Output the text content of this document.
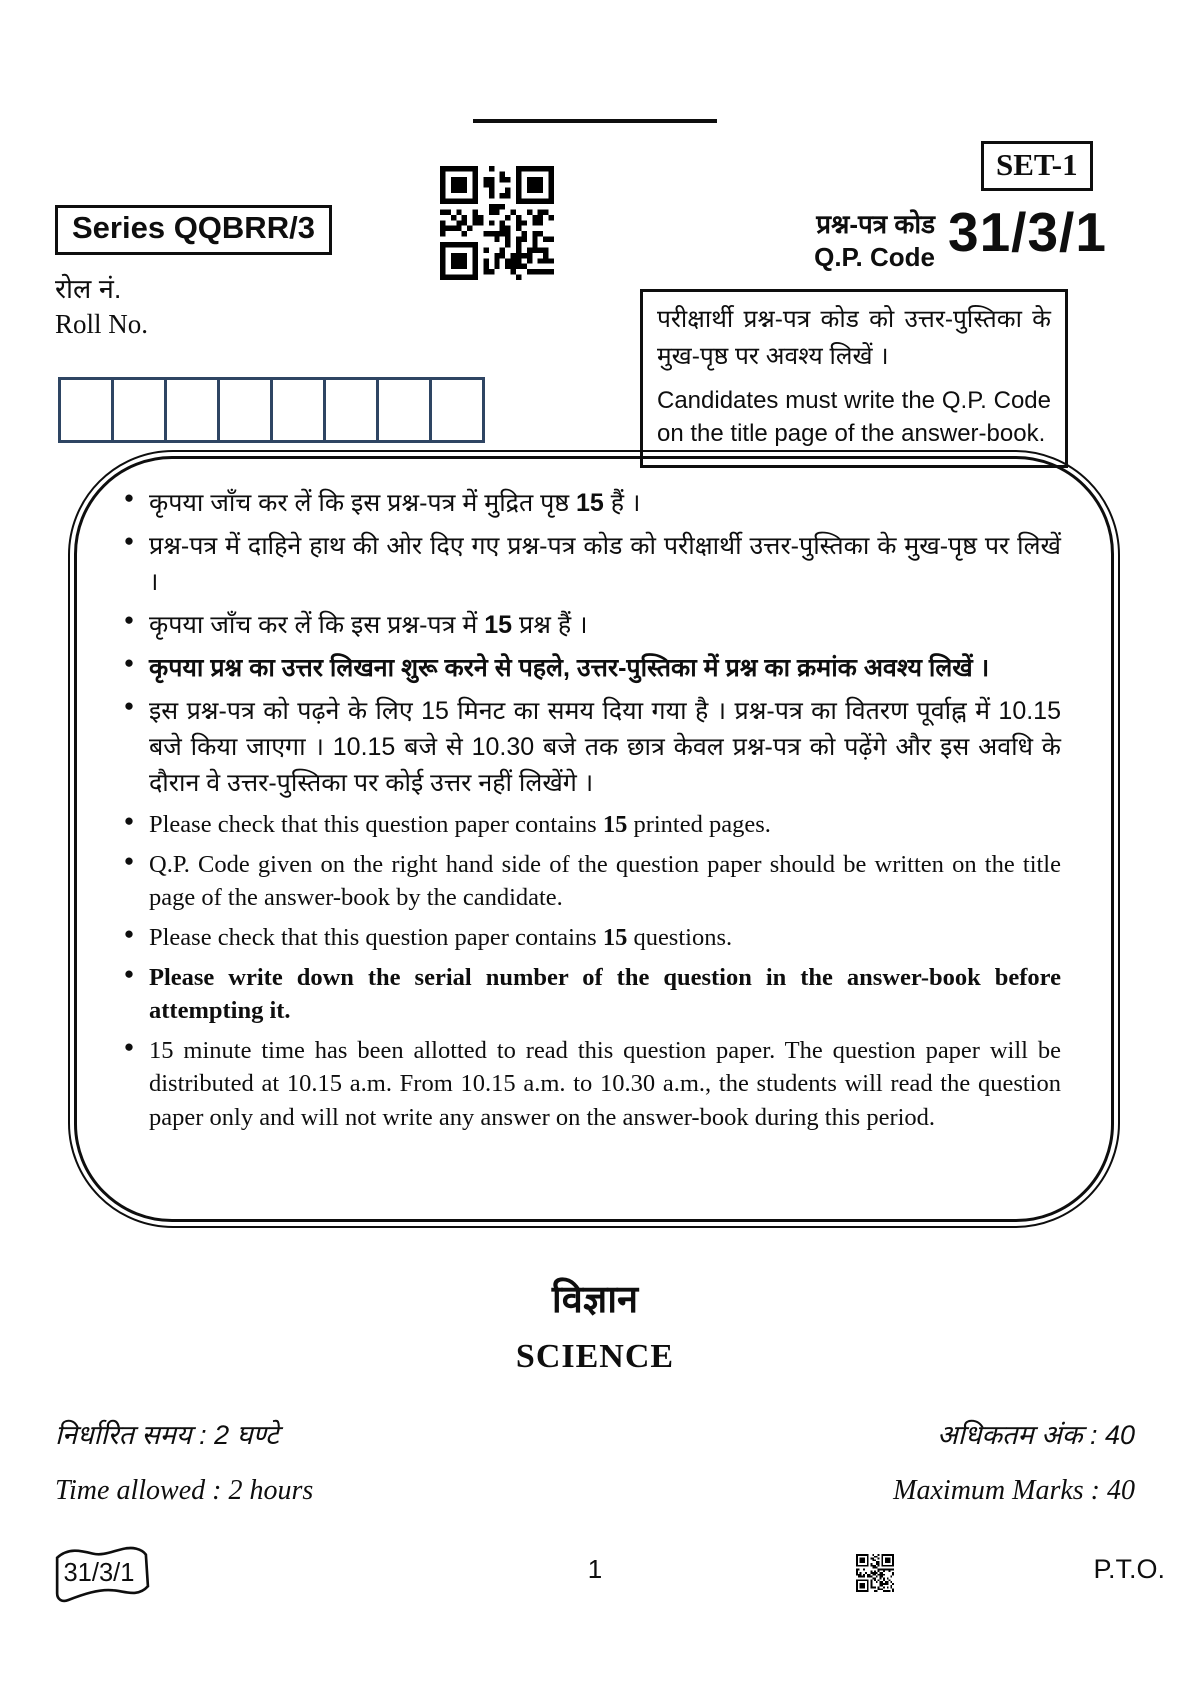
SET-1
Series QQBRR/3	प्रश्न-पत्र कोड
Q.P. Code 31/3/1
रोल नं.
Roll No.	परीक्षार्थी प्रश्न-पत्र कोड को उत्तर-पुस्तिका के मुख-पृष्ठ पर अवश्य लिखें ।
Candidates must write the Q.P. Code on the title page of the answer-book.
● कृपया जाँच कर लें कि इस प्रश्न-पत्र में मुद्रित पृष्ठ 15 हैं ।
● प्रश्न-पत्र में दाहिने हाथ की ओर दिए गए प्रश्न-पत्र कोड को परीक्षार्थी उत्तर-पुस्तिका के मुख-पृष्ठ पर लिखें ।
● कृपया जाँच कर लें कि इस प्रश्न-पत्र में 15 प्रश्न हैं ।
● कृपया प्रश्न का उत्तर लिखना शुरू करने से पहले, उत्तर-पुस्तिका में प्रश्न का क्रमांक अवश्य लिखें ।
● इस प्रश्न-पत्र को पढ़ने के लिए 15 मिनट का समय दिया गया है । प्रश्न-पत्र का वितरण पूर्वाह्न में 10.15 बजे किया जाएगा । 10.15 बजे से 10.30 बजे तक छात्र केवल प्रश्न-पत्र को पढ़ेंगे और इस अवधि के दौरान वे उत्तर-पुस्तिका पर कोई उत्तर नहीं लिखेंगे ।
● Please check that this question paper contains 15 printed pages.
● Q.P. Code given on the right hand side of the question paper should be written on the title page of the answer-book by the candidate.
● Please check that this question paper contains 15 questions.
● Please write down the serial number of the question in the answer-book before attempting it.
● 15 minute time has been allotted to read this question paper. The question paper will be distributed at 10.15 a.m. From 10.15 a.m. to 10.30 a.m., the students will read the question paper only and will not write any answer on the answer-book during this period.
विज्ञान
SCIENCE
निर्धारित समय : 2 घण्टे	अधिकतम अंक : 40
Time allowed : 2 hours	Maximum Marks : 40
31/3/1	1	P.T.O.
